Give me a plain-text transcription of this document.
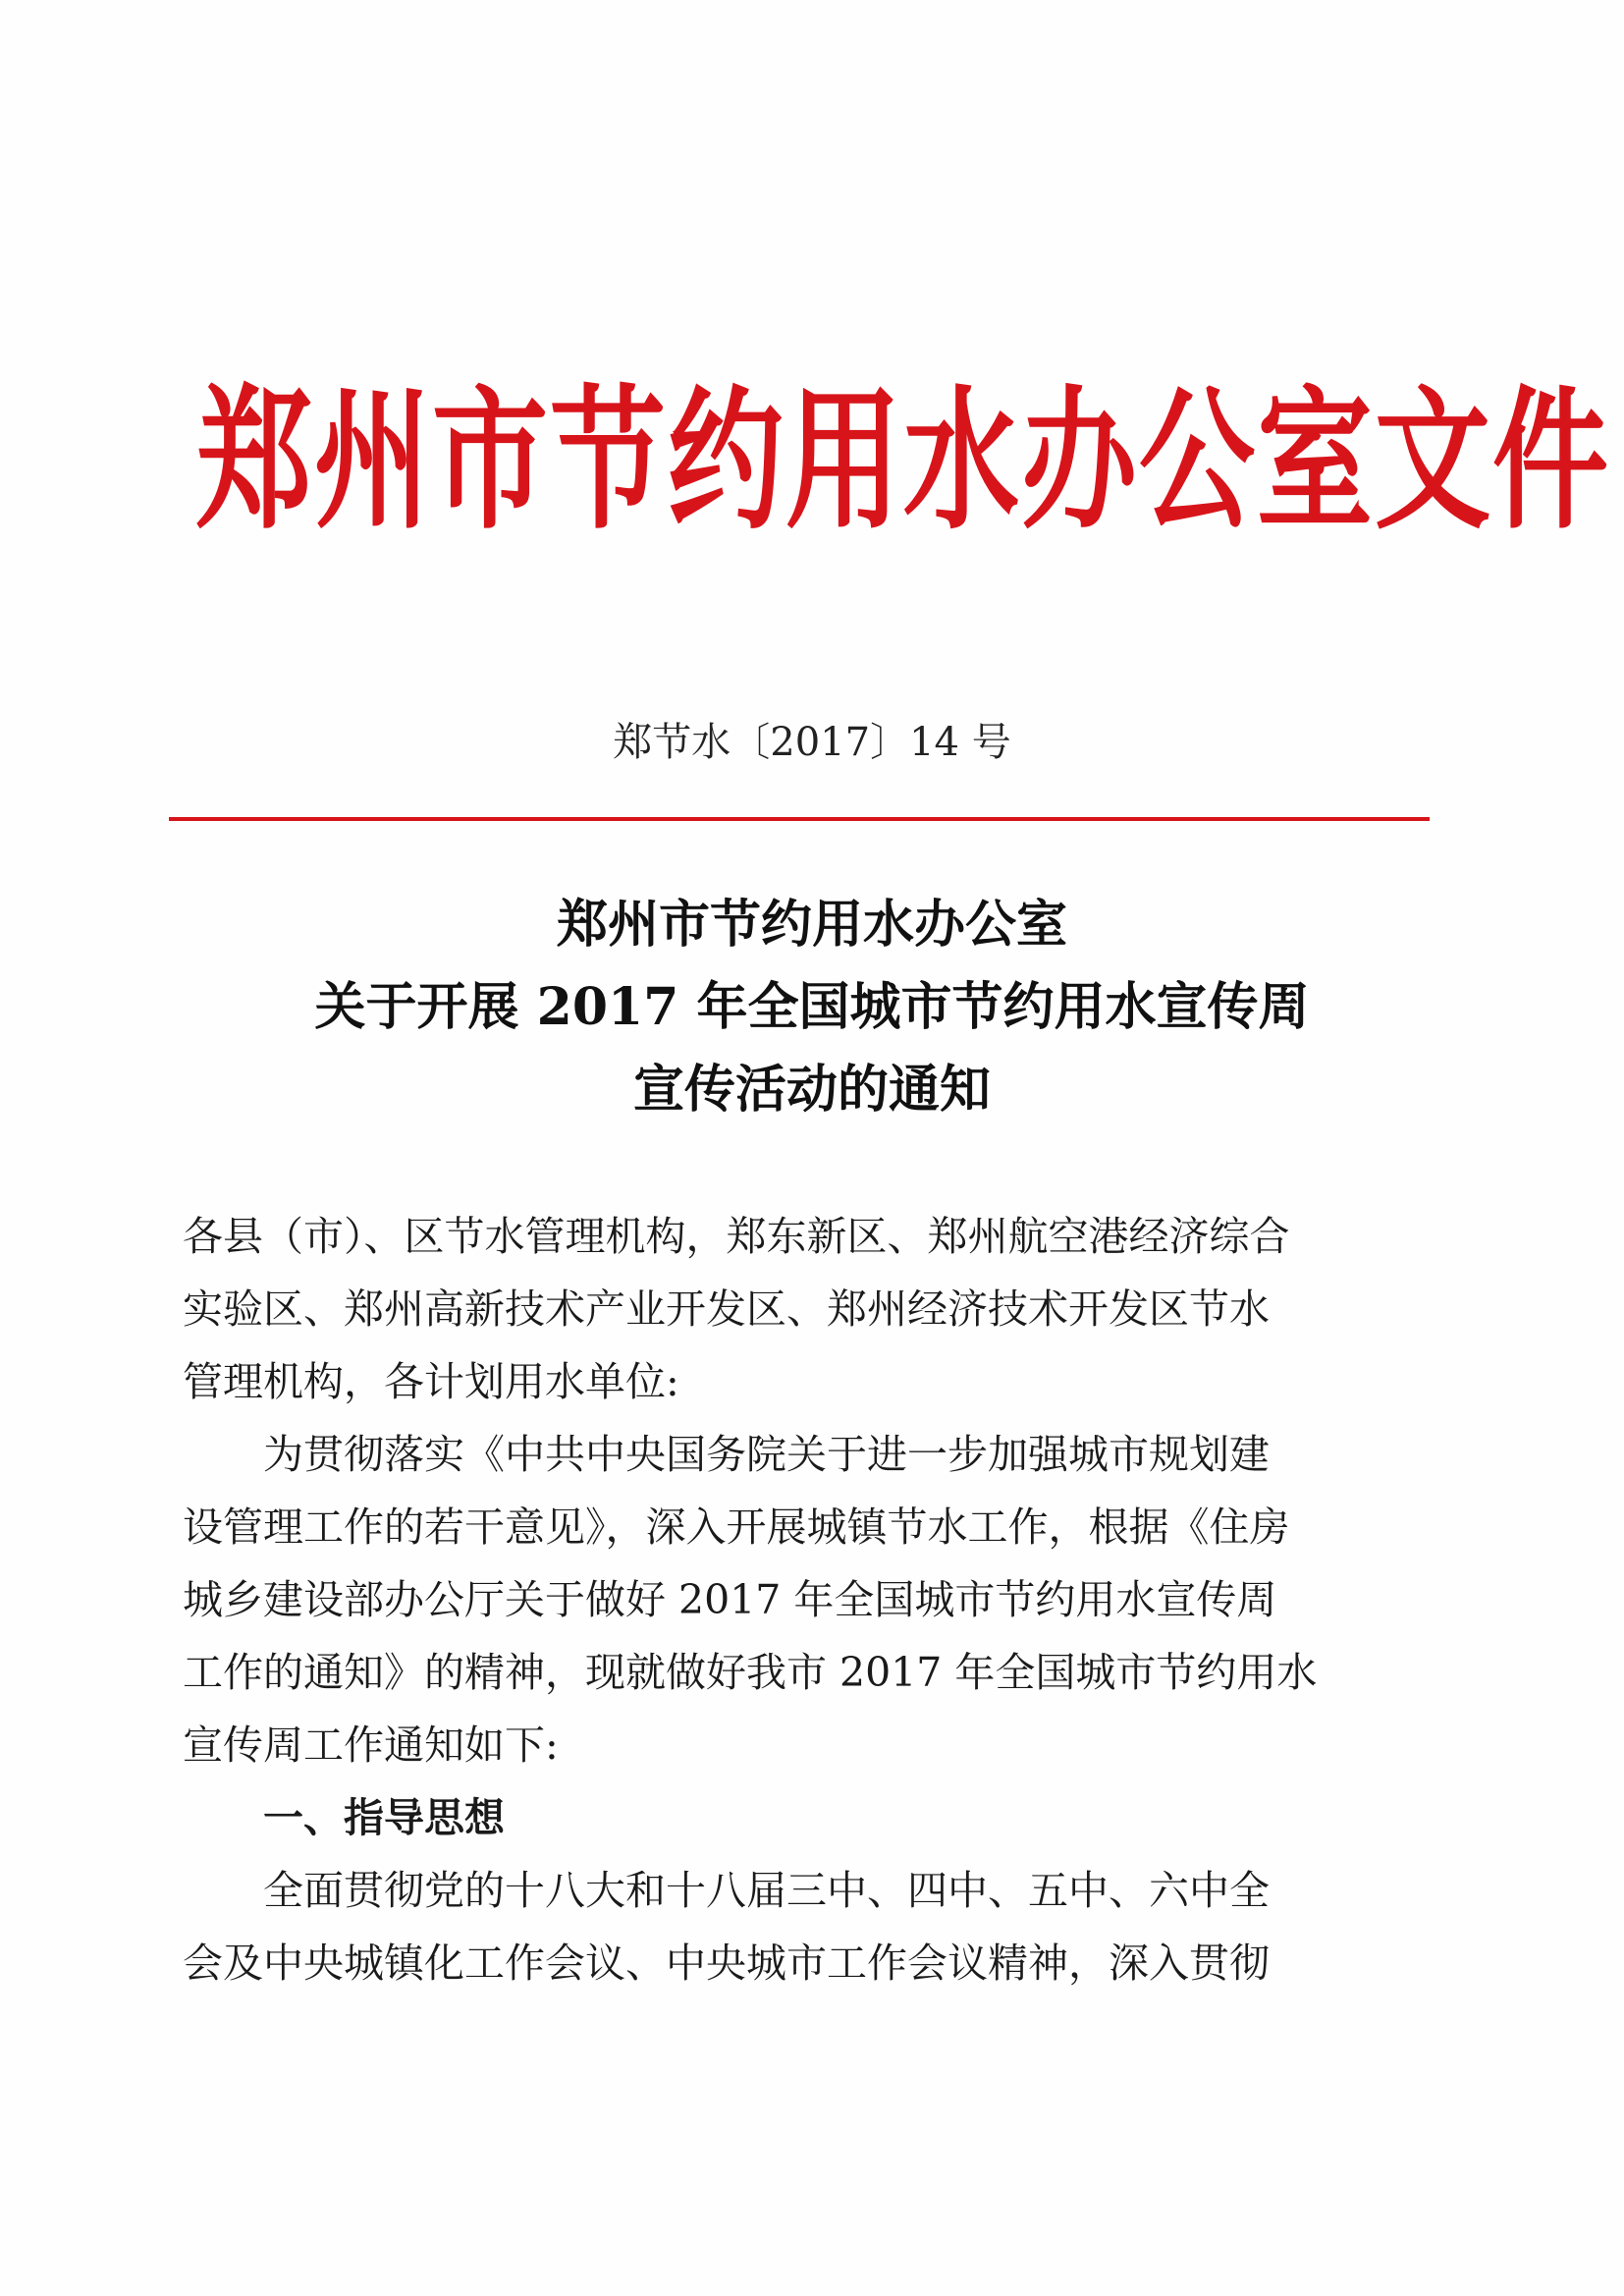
郑州市节约用水办公室文件
郑节水〔2017〕14 号
郑州市节约用水办公室
关于开展 2017 年全国城市节约用水宣传周
宣传活动的通知

各县（市）、区节水管理机构，郑东新区、郑州航空港经济综合

实验区、郑州高新技术产业开发区、郑州经济技术开发区节水

管理机构，各计划用水单位:

为贯彻落实《中共中央国务院关于进一步加强城市规划建

设管理工作的若干意见》，深入开展城镇节水工作，根据《住房

城乡建设部办公厅关于做好 2017 年全国城市节约用水宣传周

工作的通知》的精神，现就做好我市 2017 年全国城市节约用水

宣传周工作通知如下:

一、指导思想

全面贯彻党的十八大和十八届三中、四中、五中、六中全

会及中央城镇化工作会议、中央城市工作会议精神，深入贯彻
